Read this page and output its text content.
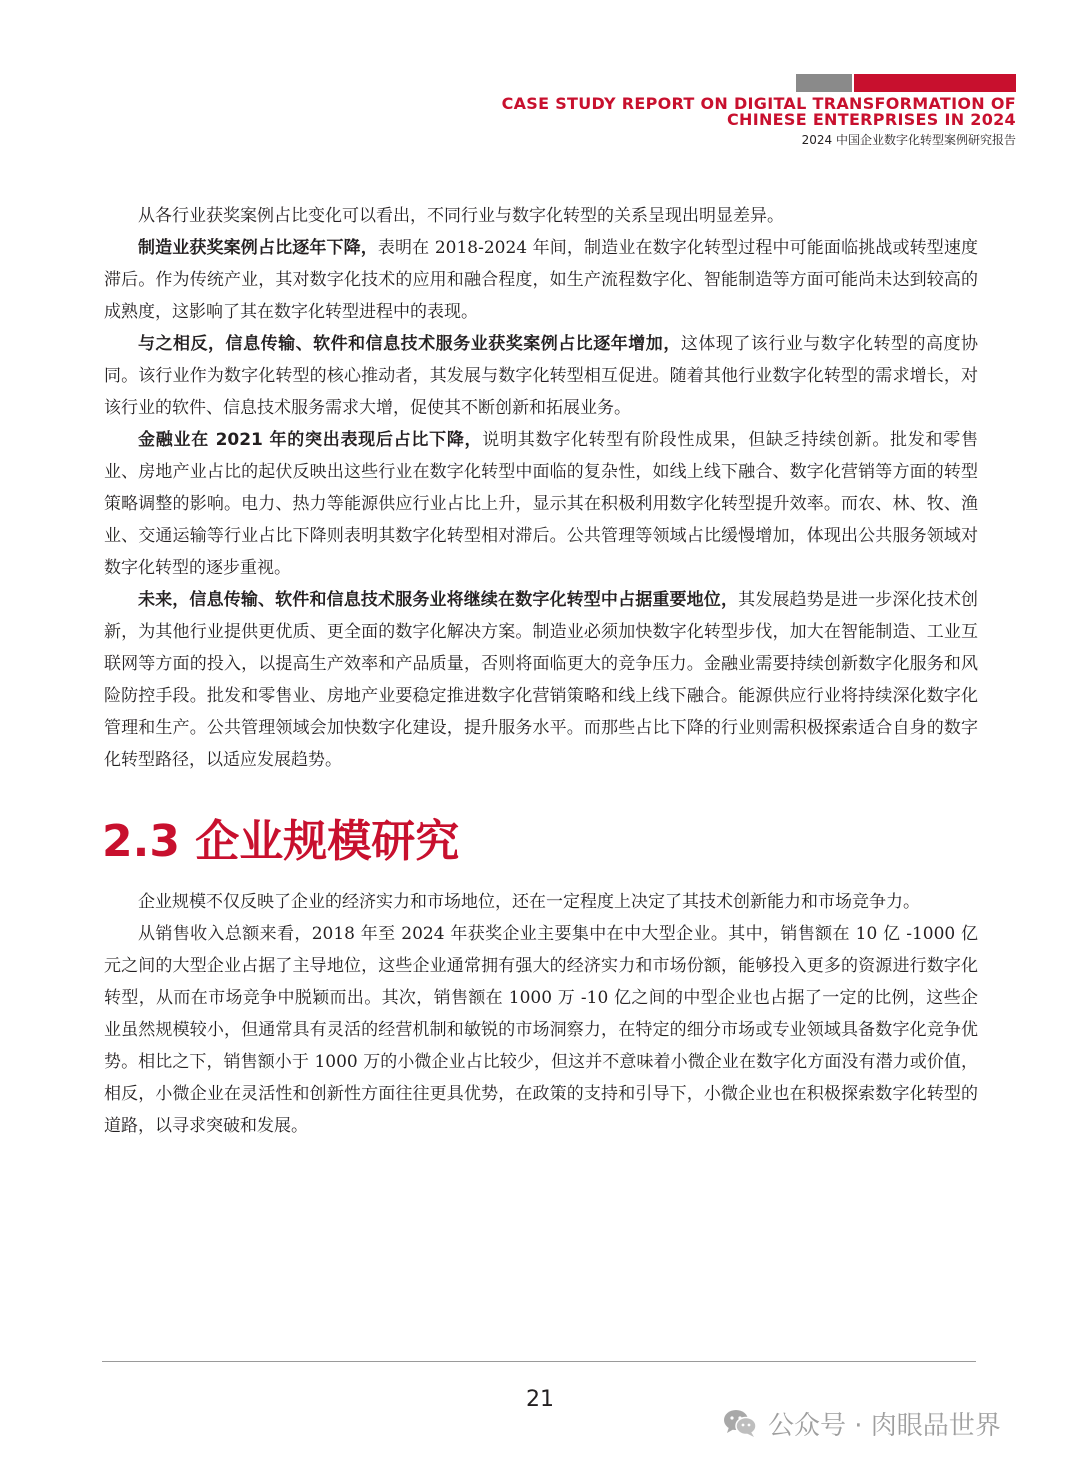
CASE STUDY REPORT ON DIGITAL TRANSFORMATION OF
CHINESE ENTERPRISES IN 2024
2024 中国企业数字化转型案例研究报告

从各行业获奖案例占比变化可以看出，不同行业与数字化转型的关系呈现出明显差异。

制造业获奖案例占比逐年下降，表明在 2018-2024 年间，制造业在数字化转型过程中可能面临挑战或转型速度滞后。作为传统产业，其对数字化技术的应用和融合程度，如生产流程数字化、智能制造等方面可能尚未达到较高的成熟度，这影响了其在数字化转型进程中的表现。

与之相反，信息传输、软件和信息技术服务业获奖案例占比逐年增加，这体现了该行业与数字化转型的高度协同。该行业作为数字化转型的核心推动者，其发展与数字化转型相互促进。随着其他行业数字化转型的需求增长，对该行业的软件、信息技术服务需求大增，促使其不断创新和拓展业务。

金融业在 2021 年的突出表现后占比下降，说明其数字化转型有阶段性成果，但缺乏持续创新。批发和零售业、房地产业占比的起伏反映出这些行业在数字化转型中面临的复杂性，如线上线下融合、数字化营销等方面的转型策略调整的影响。电力、热力等能源供应行业占比上升，显示其在积极利用数字化转型提升效率。而农、林、牧、渔业、交通运输等行业占比下降则表明其数字化转型相对滞后。公共管理等领域占比缓慢增加，体现出公共服务领域对数字化转型的逐步重视。

未来，信息传输、软件和信息技术服务业将继续在数字化转型中占据重要地位，其发展趋势是进一步深化技术创新，为其他行业提供更优质、更全面的数字化解决方案。制造业必须加快数字化转型步伐，加大在智能制造、工业互联网等方面的投入，以提高生产效率和产品质量，否则将面临更大的竞争压力。金融业需要持续创新数字化服务和风险防控手段。批发和零售业、房地产业要稳定推进数字化营销策略和线上线下融合。能源供应行业将持续深化数字化管理和生产。公共管理领域会加快数字化建设，提升服务水平。而那些占比下降的行业则需积极探索适合自身的数字化转型路径，以适应发展趋势。

2.3 企业规模研究

企业规模不仅反映了企业的经济实力和市场地位，还在一定程度上决定了其技术创新能力和市场竞争力。

从销售收入总额来看，2018 年至 2024 年获奖企业主要集中在中大型企业。其中，销售额在 10 亿 -1000 亿元之间的大型企业占据了主导地位，这些企业通常拥有强大的经济实力和市场份额，能够投入更多的资源进行数字化转型，从而在市场竞争中脱颖而出。其次，销售额在 1000 万 -10 亿之间的中型企业也占据了一定的比例，这些企业虽然规模较小，但通常具有灵活的经营机制和敏锐的市场洞察力，在特定的细分市场或专业领域具备数字化竞争优势。相比之下，销售额小于 1000 万的小微企业占比较少，但这并不意味着小微企业在数字化方面没有潜力或价值，相反，小微企业在灵活性和创新性方面往往更具优势，在政策的支持和引导下，小微企业也在积极探索数字化转型的道路，以寻求突破和发展。

21
公众号 · 肉眼品世界
